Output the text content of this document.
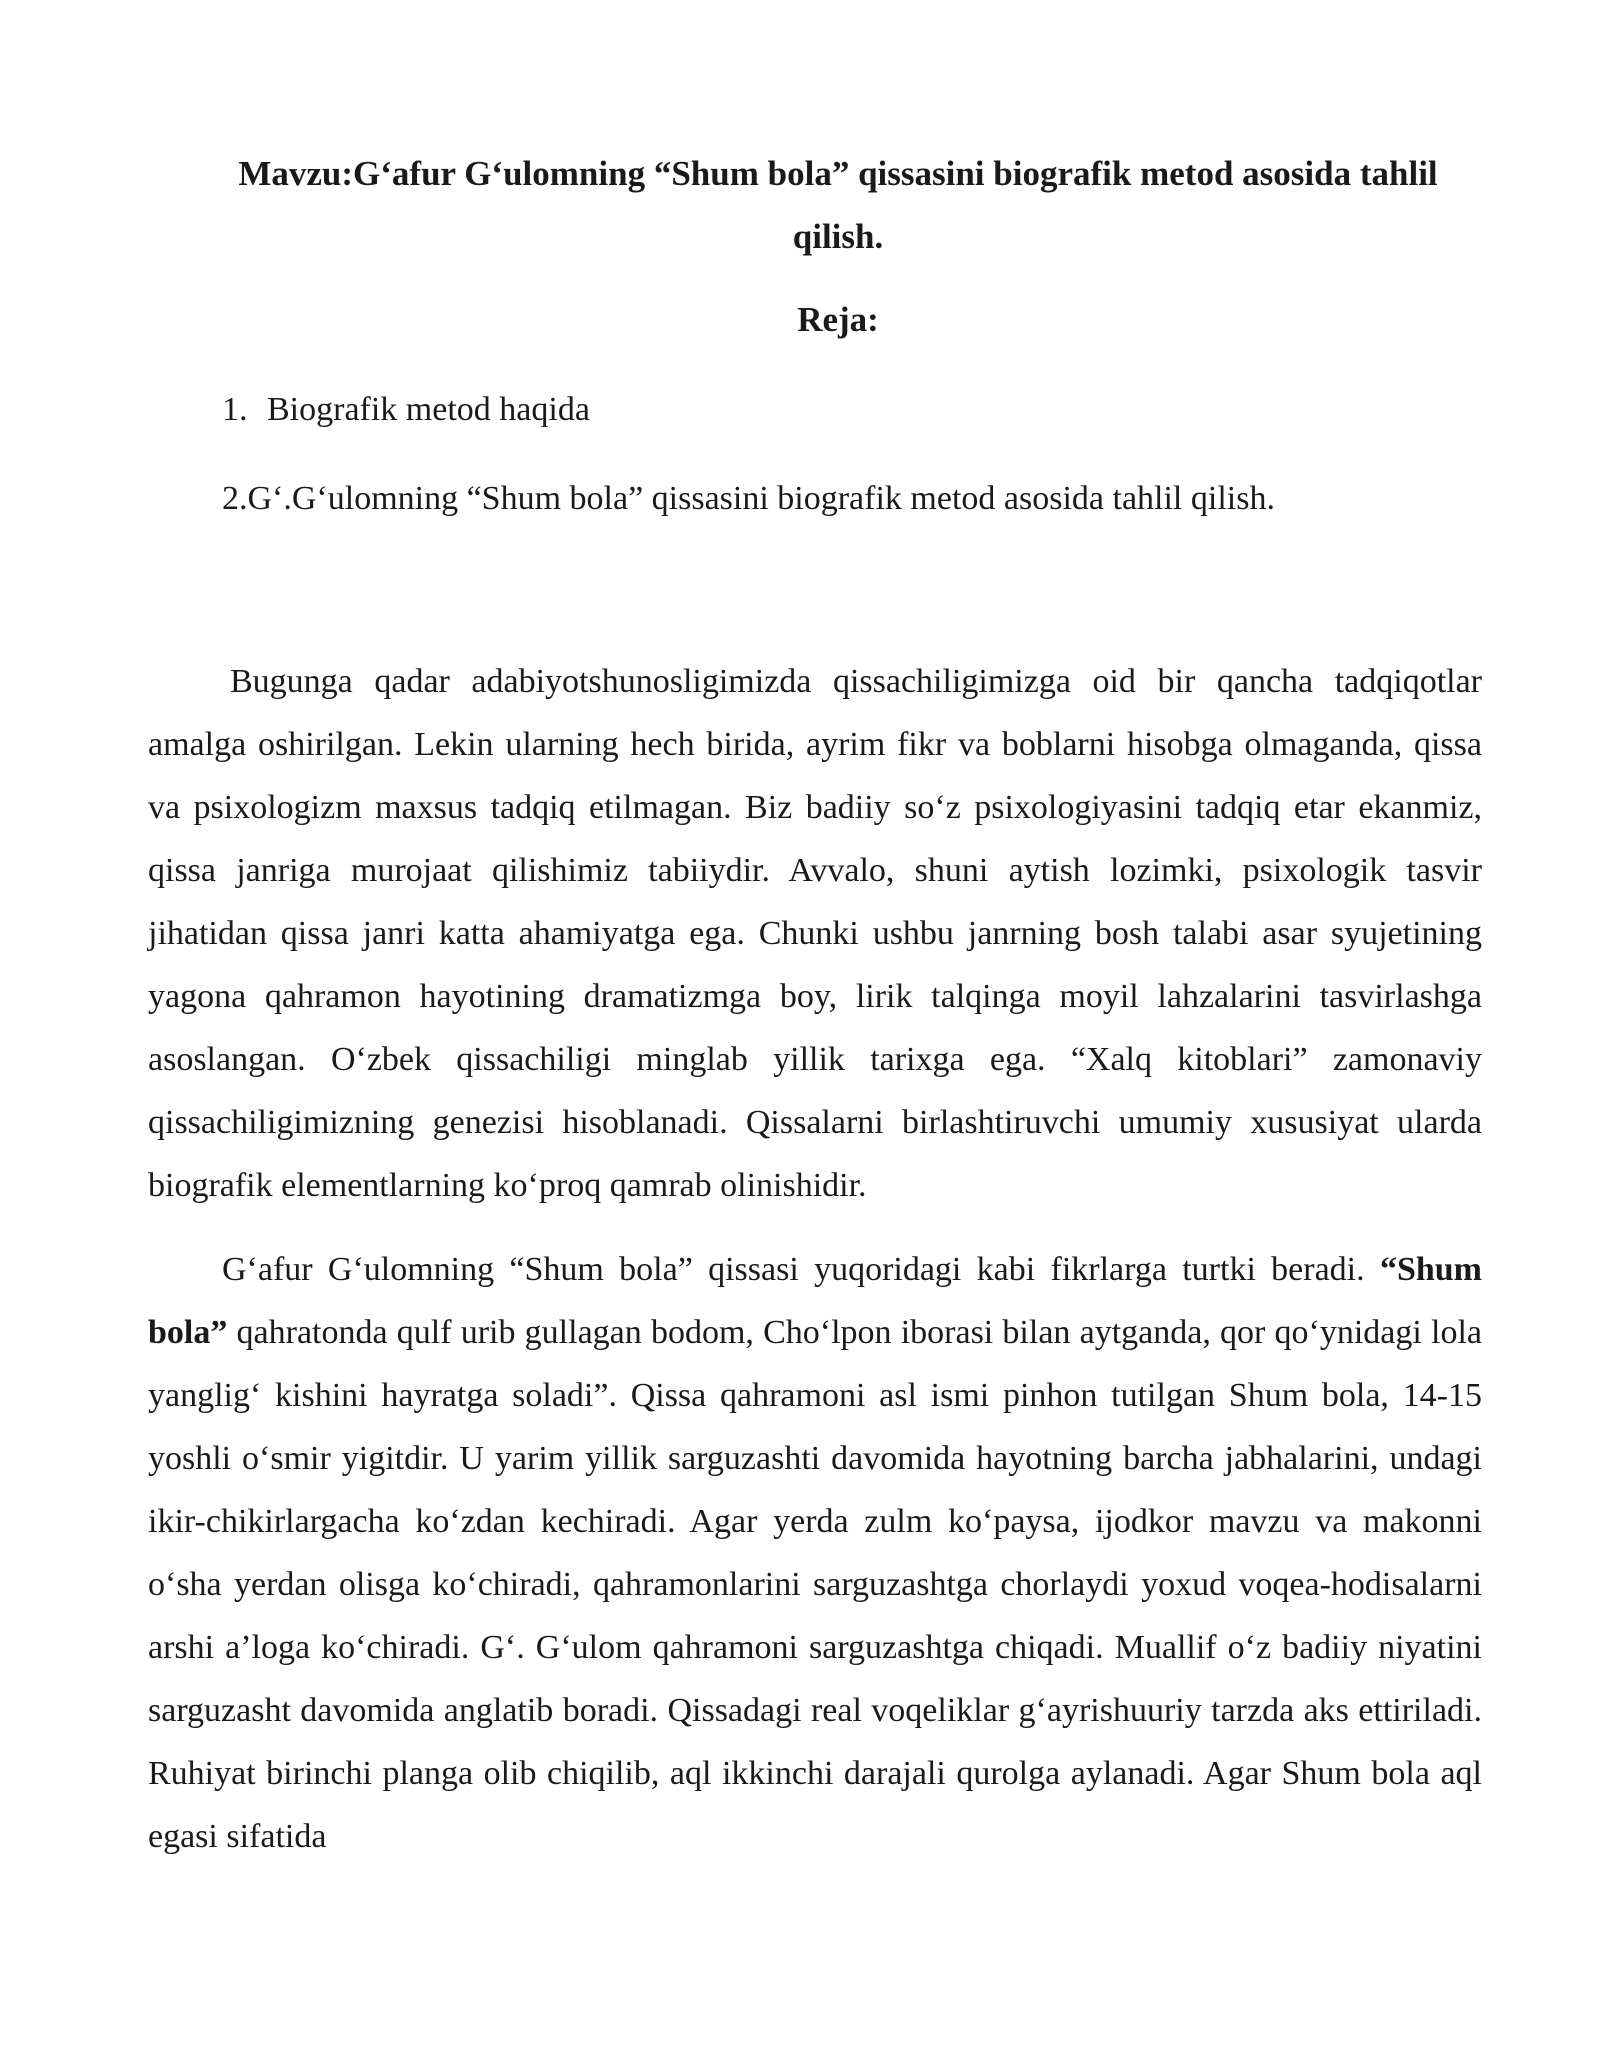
Mavzu:G‘afur G‘ulomning “Shum bola” qissasini biografik metod asosida tahlil qilish.
Reja:
1. Biografik metod haqida
2.G‘.G‘ulomning “Shum bola” qissasini biografik metod asosida tahlil qilish.

Bugunga qadar adabiyotshunosligimizda qissachiligimizga oid bir qancha tadqiqotlar amalga oshirilgan. Lekin ularning hech birida, ayrim fikr va boblarni hisobga olmaganda, qissa va psixologizm maxsus tadqiq etilmagan. Biz badiiy so‘z psixologiyasini tadqiq etar ekanmiz, qissa janriga murojaat qilishimiz tabiiydir. Avvalo, shuni aytish lozimki, psixologik tasvir jihatidan qissa janri katta ahamiyatga ega. Chunki ushbu janrning bosh talabi asar syujetining yagona qahramon hayotining dramatizmga boy, lirik talqinga moyil lahzalarini tasvirlashga asoslangan. O‘zbek qissachiligi minglab yillik tarixga ega. “Xalq kitoblari” zamonaviy qissachiligimizning genezisi hisoblanadi. Qissalarni birlashtiruvchi umumiy xususiyat ularda biografik elementlarning ko‘proq qamrab olinishidir.

G‘afur G‘ulomning “Shum bola” qissasi yuqoridagi kabi fikrlarga turtki beradi. “Shum bola” qahratonda qulf urib gullagan bodom, Cho‘lpon iborasi bilan aytganda, qor qo‘ynidagi lola yanglig‘ kishini hayratga soladi”. Qissa qahramoni asl ismi pinhon tutilgan Shum bola, 14-15 yoshli o‘smir yigitdir. U yarim yillik sarguzashti davomida hayotning barcha jabhalarini, undagi ikir-chikirlargacha ko‘zdan kechiradi. Agar yerda zulm ko‘paysa, ijodkor mavzu va makonni o‘sha yerdan olisga ko‘chiradi, qahramonlarini sarguzashtga chorlaydi yoxud voqea-hodisalarni arshi a’loga ko‘chiradi. G‘. G‘ulom qahramoni sarguzashtga chiqadi. Muallif o‘z badiiy niyatini sarguzasht davomida anglatib boradi. Qissadagi real voqeliklar g‘ayrishuuriy tarzda aks ettiriladi. Ruhiyat birinchi planga olib chiqilib, aql ikkinchi darajali qurolga aylanadi. Agar Shum bola aql egasi sifatida
